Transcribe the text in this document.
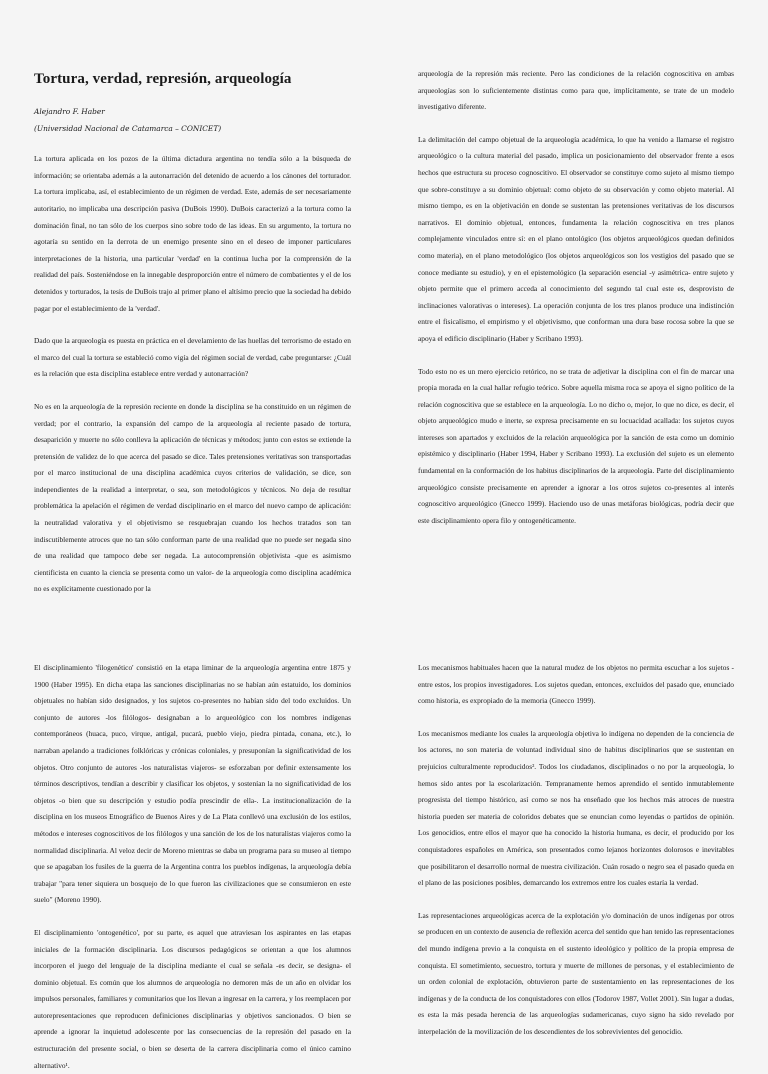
Tortura, verdad, represión, arqueología

Alejandro F. Haber

(Universidad Nacional de Catamarca – CONICET)

La tortura aplicada en los pozos de la última dictadura argentina no tendía sólo a la búsqueda de información; se orientaba además a la autonarración del detenido de acuerdo a los cánones del torturador. La tortura implicaba, así, el establecimiento de un régimen de verdad. Este, además de ser necesariamente autoritario, no implicaba una descripción pasiva (DuBois 1990). DuBois caracterizó a la tortura como la dominación final, no tan sólo de los cuerpos sino sobre todo de las ideas. En su argumento, la tortura no agotaría su sentido en la derrota de un enemigo presente sino en el deseo de imponer particulares interpretaciones de la historia, una particular 'verdad' en la continua lucha por la comprensión de la realidad del país. Sosteniéndose en la innegable desproporción entre el número de combatientes y el de los detenidos y torturados, la tesis de DuBois trajo al primer plano el altísimo precio que la sociedad ha debido pagar por el establecimiento de la 'verdad'.

Dado que la arqueología es puesta en práctica en el develamiento de las huellas del terrorismo de estado en el marco del cual la tortura se estableció como vigía del régimen social de verdad, cabe preguntarse: ¿Cuál es la relación que esta disciplina establece entre verdad y autonarración?

No es en la arqueología de la represión reciente en donde la disciplina se ha constituido en un régimen de verdad; por el contrario, la expansión del campo de la arqueología al reciente pasado de tortura, desaparición y muerte no sólo conlleva la aplicación de técnicas y métodos; junto con estos se extiende la pretensión de validez de lo que acerca del pasado se dice. Tales pretensiones veritativas son transportadas por el marco institucional de una disciplina académica cuyos criterios de validación, se dice, son independientes de la realidad a interpretar, o sea, son metodológicos y técnicos. No deja de resultar problemática la apelación el régimen de verdad disciplinario en el marco del nuevo campo de aplicación: la neutralidad valorativa y el objetivismo se resquebrajan cuando los hechos tratados son tan indiscutiblemente atroces que no tan sólo conforman parte de una realidad que no puede ser negada sino de una realidad que tampoco debe ser negada. La autocomprensión objetivista -que es asimismo cientificista en cuanto la ciencia se presenta como un valor- de la arqueología como disciplina académica no es explícitamente cuestionado por la

arqueología de la represión más reciente. Pero las condiciones de la relación cognoscitiva en ambas arqueologías son lo suficientemente distintas como para que, implícitamente, se trate de un modelo investigativo diferente.

La delimitación del campo objetual de la arqueología académica, lo que ha venido a llamarse el registro arqueológico o la cultura material del pasado, implica un posicionamiento del observador frente a esos hechos que estructura su proceso cognoscitivo. El observador se constituye como sujeto al mismo tiempo que sobre-constituye a su dominio objetual: como objeto de su observación y como objeto material. Al mismo tiempo, es en la objetivación en donde se sustentan las pretensiones veritativas de los discursos narrativos. El dominio objetual, entonces, fundamenta la relación cognoscitiva en tres planos complejamente vinculados entre sí: en el plano ontológico (los objetos arqueológicos quedan definidos como materia), en el plano metodológico (los objetos arqueológicos son los vestigios del pasado que se conoce mediante su estudio), y en el epistemológico (la separación esencial -y asimétrica- entre sujeto y objeto permite que el primero acceda al conocimiento del segundo tal cual este es, desprovisto de inclinaciones valorativas o intereses). La operación conjunta de los tres planos produce una indistinción entre el fisicalismo, el empirismo y el objetivismo, que conforman una dura base rocosa sobre la que se apoya el edificio disciplinario (Haber y Scribano 1993).

Todo esto no es un mero ejercicio retórico, no se trata de adjetivar la disciplina con el fin de marcar una propia morada en la cual hallar refugio teórico. Sobre aquella misma roca se apoya el signo político de la relación cognoscitiva que se establece en la arqueología. Lo no dicho o, mejor, lo que no dice, es decir, el objeto arqueológico mudo e inerte, se expresa precisamente en su locuacidad acallada: los sujetos cuyos intereses son apartados y excluidos de la relación arqueológica por la sanción de esta como un dominio epistémico y disciplinario (Haber 1994, Haber y Scribano 1993). La exclusión del sujeto es un elemento fundamental en la conformación de los habitus disciplinarios de la arqueología. Parte del disciplinamiento arqueológico consiste precisamente en aprender a ignorar a los otros sujetos co-presentes al interés cognoscitivo arqueológico (Gnecco 1999). Haciendo uso de unas metáforas biológicas, podría decir que este disciplinamiento opera filo y ontogenéticamente.

El disciplinamiento 'filogenético' consistió en la etapa liminar de la arqueología argentina entre 1875 y 1900 (Haber 1995). En dicha etapa las sanciones disciplinarias no se habían aún estatuido, los dominios objetuales no habían sido designados, y los sujetos co-presentes no habían sido del todo excluidos. Un conjunto de autores -los filólogos- designaban a lo arqueológico con los nombres indígenas contemporáneos (huaca, puco, virque, antigal, pucará, pueblo viejo, piedra pintada, conana, etc.), lo narraban apelando a tradiciones folklóricas y crónicas coloniales, y presuponían la significatividad de los objetos. Otro conjunto de autores -los naturalistas viajeros- se esforzaban por definir extensamente los términos descriptivos, tendían a describir y clasificar los objetos, y sostenían la no significatividad de los objetos -o bien que su descripción y estudio podía prescindir de ella-. La institucionalización de la disciplina en los museos Etnográfico de Buenos Aires y de La Plata conllevó una exclusión de los estilos, métodos e intereses cognoscitivos de los filólogos y una sanción de los de los naturalistas viajeros como la normalidad disciplinaria. Al veloz decir de Moreno mientras se daba un programa para su museo al tiempo que se apagaban los fusiles de la guerra de la Argentina contra los pueblos indígenas, la arqueología debía trabajar "para tener siquiera un bosquejo de lo que fueron las civilizaciones que se consumieron en este suelo" (Moreno 1990).

El disciplinamiento 'ontogenético', por su parte, es aquel que atraviesan los aspirantes en las etapas iniciales de la formación disciplinaria. Los discursos pedagógicos se orientan a que los alumnos incorporen el juego del lenguaje de la disciplina mediante el cual se señala -es decir, se designa- el dominio objetual. Es común que los alumnos de arqueología no demoren más de un año en olvidar los impulsos personales, familiares y comunitarios que los llevan a ingresar en la carrera, y los reemplacen por autorepresentaciones que reproducen definiciones disciplinarias y objetivos sancionados. O bien se aprende a ignorar la inquietud adolescente por las consecuencias de la represión del pasado en la estructuración del presente social, o bien se deserta de la carrera disciplinaria como el único camino alternativo¹.

Los mecanismos habituales hacen que la natural mudez de los objetos no permita escuchar a los sujetos -entre estos, los propios investigadores. Los sujetos quedan, entonces, excluidos del pasado que, enunciado como historia, es expropiado de la memoria (Gnecco 1999).

Los mecanismos mediante los cuales la arqueología objetiva lo indígena no dependen de la conciencia de los actores, no son materia de voluntad individual sino de habitus disciplinarios que se sustentan en prejuicios culturalmente reproducidos². Todos los ciudadanos, disciplinados o no por la arqueología, lo hemos sido antes por la escolarización. Tempranamente hemos aprendido el sentido inmutablemente progresista del tiempo histórico, así como se nos ha enseñado que los hechos más atroces de nuestra historia pueden ser materia de coloridos debates que se enuncian como leyendas o partidos de opinión. Los genocidios, entre ellos el mayor que ha conocido la historia humana, es decir, el producido por los conquistadores españoles en América, son presentados como lejanos horizontes dolorosos e inevitables que posibilitaron el desarrollo normal de nuestra civilización. Cuán rosado o negro sea el pasado queda en el plano de las posiciones posibles, demarcando los extremos entre los cuales estaría la verdad.

Las representaciones arqueológicas acerca de la explotación y/o dominación de unos indígenas por otros se producen en un contexto de ausencia de reflexión acerca del sentido que han tenido las representaciones del mundo indígena previo a la conquista en el sustento ideológico y político de la propia empresa de conquista. El sometimiento, secuestro, tortura y muerte de millones de personas, y el establecimiento de un orden colonial de explotación, obtuvieron parte de sustentamiento en las representaciones de los indígenas y de la conducta de los conquistadores con ellos (Todorov 1987, Vollet 2001). Sin lugar a dudas, es esta la más pesada herencia de las arqueologías sudamericanas, cuyo signo ha sido revelado por interpelación de la movilización de los descendientes de los sobrevivientes del genocidio.
